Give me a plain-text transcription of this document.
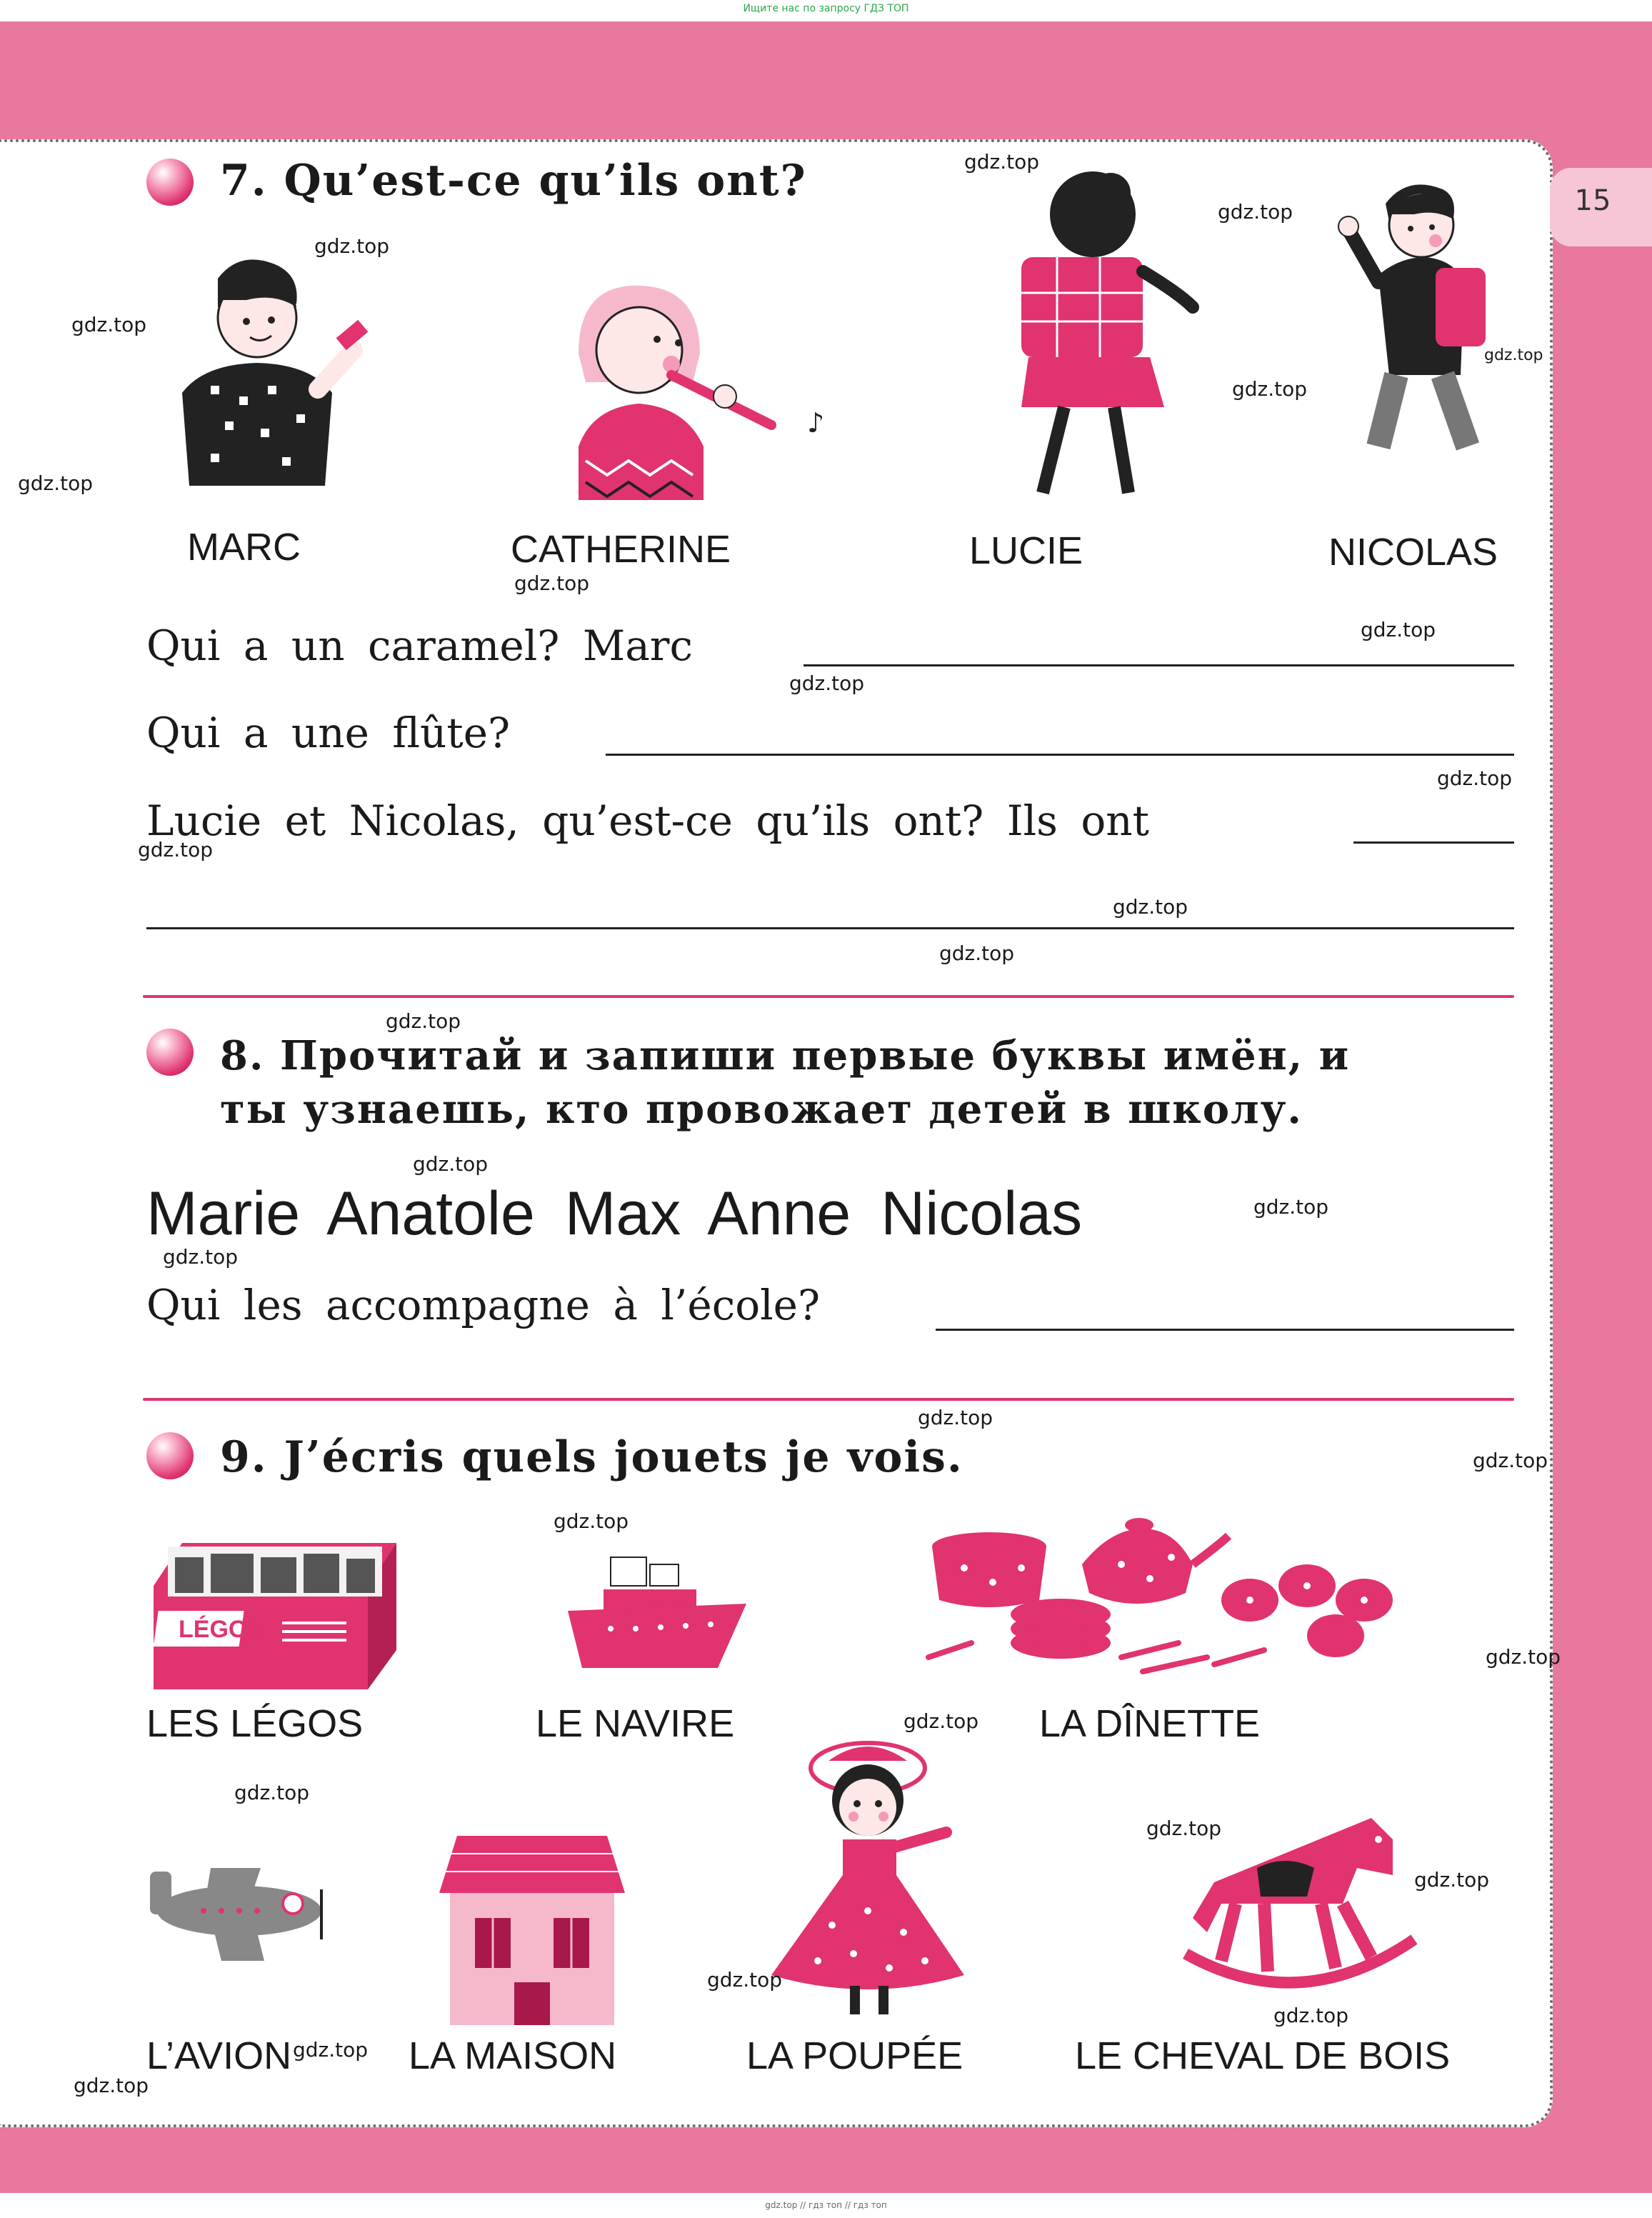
Ищите нас по запросу ГДЗ ТОП
15
7. Qu’est-ce qu’ils ont?
♪
MARC	CATHERINE	LUCIE	NICOLAS
Qui a un caramel? Marc
Qui a une flûte?
Lucie et Nicolas, qu’est-ce qu’ils ont? Ils ont
8. Прочитай и запиши первые буквы имён, и
ты узнаешь, кто провожает детей в школу.
Marie Anatole Max Anne Nicolas
Qui les accompagne à l’école?
9. J’écris quels jouets je vois.
LÉGOS
LES LÉGOS	LE NAVIRE	LA DÎNETTE
L’AVION	LA MAISON	LA POUPÉE	LE CHEVAL DE BOIS
gdz.top
gdz.top
gdz.top
gdz.top
gdz.top
gdz.top
gdz.top
gdz.top
gdz.top
gdz.top
gdz.top
gdz.top
gdz.top
gdz.top
gdz.top
gdz.top
gdz.top
gdz.top
gdz.top
gdz.top
gdz.top
gdz.top
gdz.top
gdz.top
gdz.top
gdz.top
gdz.top
gdz.top
gdz.top
gdz.top
gdz.top // гдз топ // гдз топ
